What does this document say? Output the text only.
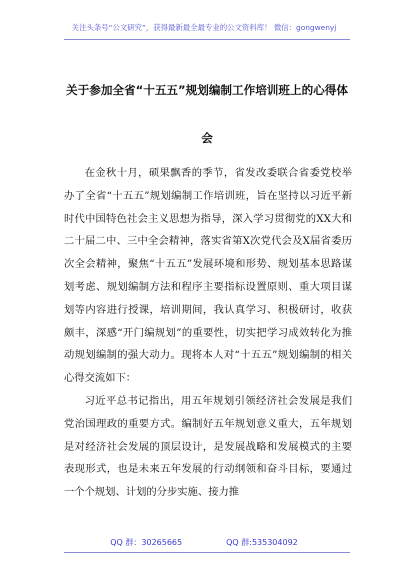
关注头条号“公文研究”，获得最新最全最专业的公文资料库！ 微信：gongwenyj
关于参加全省“十五五”规划编制工作培训班上的心得体
会

在金秋十月，硕果飘香的季节，省发改委联合省委党校举办了全省“十五五”规划编制工作培训班，旨在坚持以习近平新时代中国特色社会主义思想为指导，深入学习贯彻党的XX大和二十届二中、三中全会精神，落实省第X次党代会及X届省委历次全会精神，聚焦“十五五”发展环境和形势、规划基本思路谋划考虑、规划编制方法和程序主要指标设置原则、重大项目谋划等内容进行授课，培训期间，我认真学习、积极研讨，收获颇丰，深感“开门编规划”的重要性，切实把学习成效转化为推动规划编制的强大动力。现将本人对“十五五”规划编制的相关心得交流如下：

习近平总书记指出，用五年规划引领经济社会发展是我们党治国理政的重要方式。编制好五年规划意义重大，五年规划是对经济社会发展的顶层设计，是发展战略和发展模式的主要表现形式，也是未来五年发展的行动纲领和奋斗目标，要通过一个个规划、计划的分步实施、接力推

QQ 群：30265665	QQ 群:535304092
